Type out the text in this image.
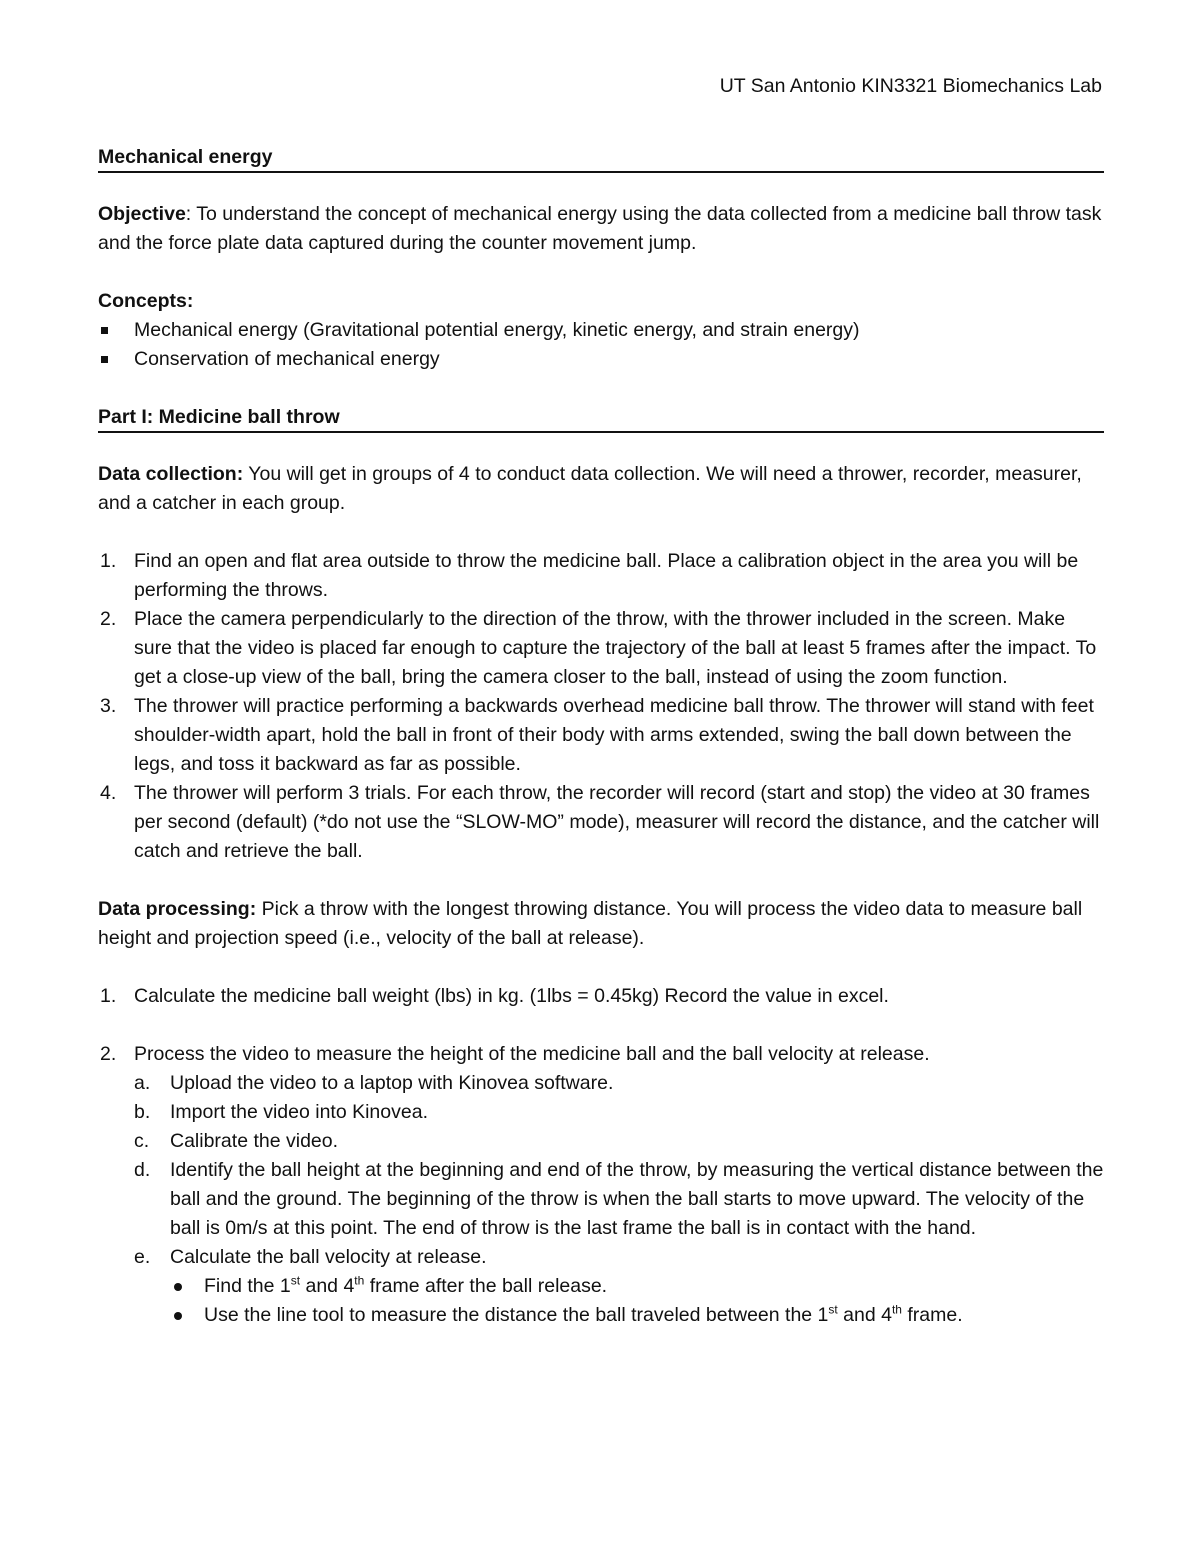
UT San Antonio KIN3321 Biomechanics Lab
Mechanical energy

Objective: To understand the concept of mechanical energy using the data collected from a medicine ball throw task and the force plate data captured during the counter movement jump.

Concepts:

Mechanical energy (Gravitational potential energy, kinetic energy, and strain energy)
Conservation of mechanical energy
Part I: Medicine ball throw

Data collection: You will get in groups of 4 to conduct data collection. We will need a thrower, recorder, measurer, and a catcher in each group.

1. Find an open and flat area outside to throw the medicine ball. Place a calibration object in the area you will be performing the throws.
2. Place the camera perpendicularly to the direction of the throw, with the thrower included in the screen. Make sure that the video is placed far enough to capture the trajectory of the ball at least 5 frames after the impact. To get a close-up view of the ball, bring the camera closer to the ball, instead of using the zoom function.
3. The thrower will practice performing a backwards overhead medicine ball throw. The thrower will stand with feet shoulder-width apart, hold the ball in front of their body with arms extended, swing the ball down between the legs, and toss it backward as far as possible.
4. The thrower will perform 3 trials. For each throw, the recorder will record (start and stop) the video at 30 frames per second (default) (*do not use the “SLOW-MO” mode), measurer will record the distance, and the catcher will catch and retrieve the ball.

Data processing: Pick a throw with the longest throwing distance. You will process the video data to measure ball height and projection speed (i.e., velocity of the ball at release).

1. Calculate the medicine ball weight (lbs) in kg. (1lbs = 0.45kg) Record the value in excel.
2. Process the video to measure the height of the medicine ball and the ball velocity at release.
a. Upload the video to a laptop with Kinovea software.
b. Import the video into Kinovea.
c. Calibrate the video.
d. Identify the ball height at the beginning and end of the throw, by measuring the vertical distance between the ball and the ground. The beginning of the throw is when the ball starts to move upward. The velocity of the ball is 0m/s at this point. The end of throw is the last frame the ball is in contact with the hand.
e. Calculate the ball velocity at release.
Find the 1st and 4th frame after the ball release.
Use the line tool to measure the distance the ball traveled between the 1st and 4th frame.
